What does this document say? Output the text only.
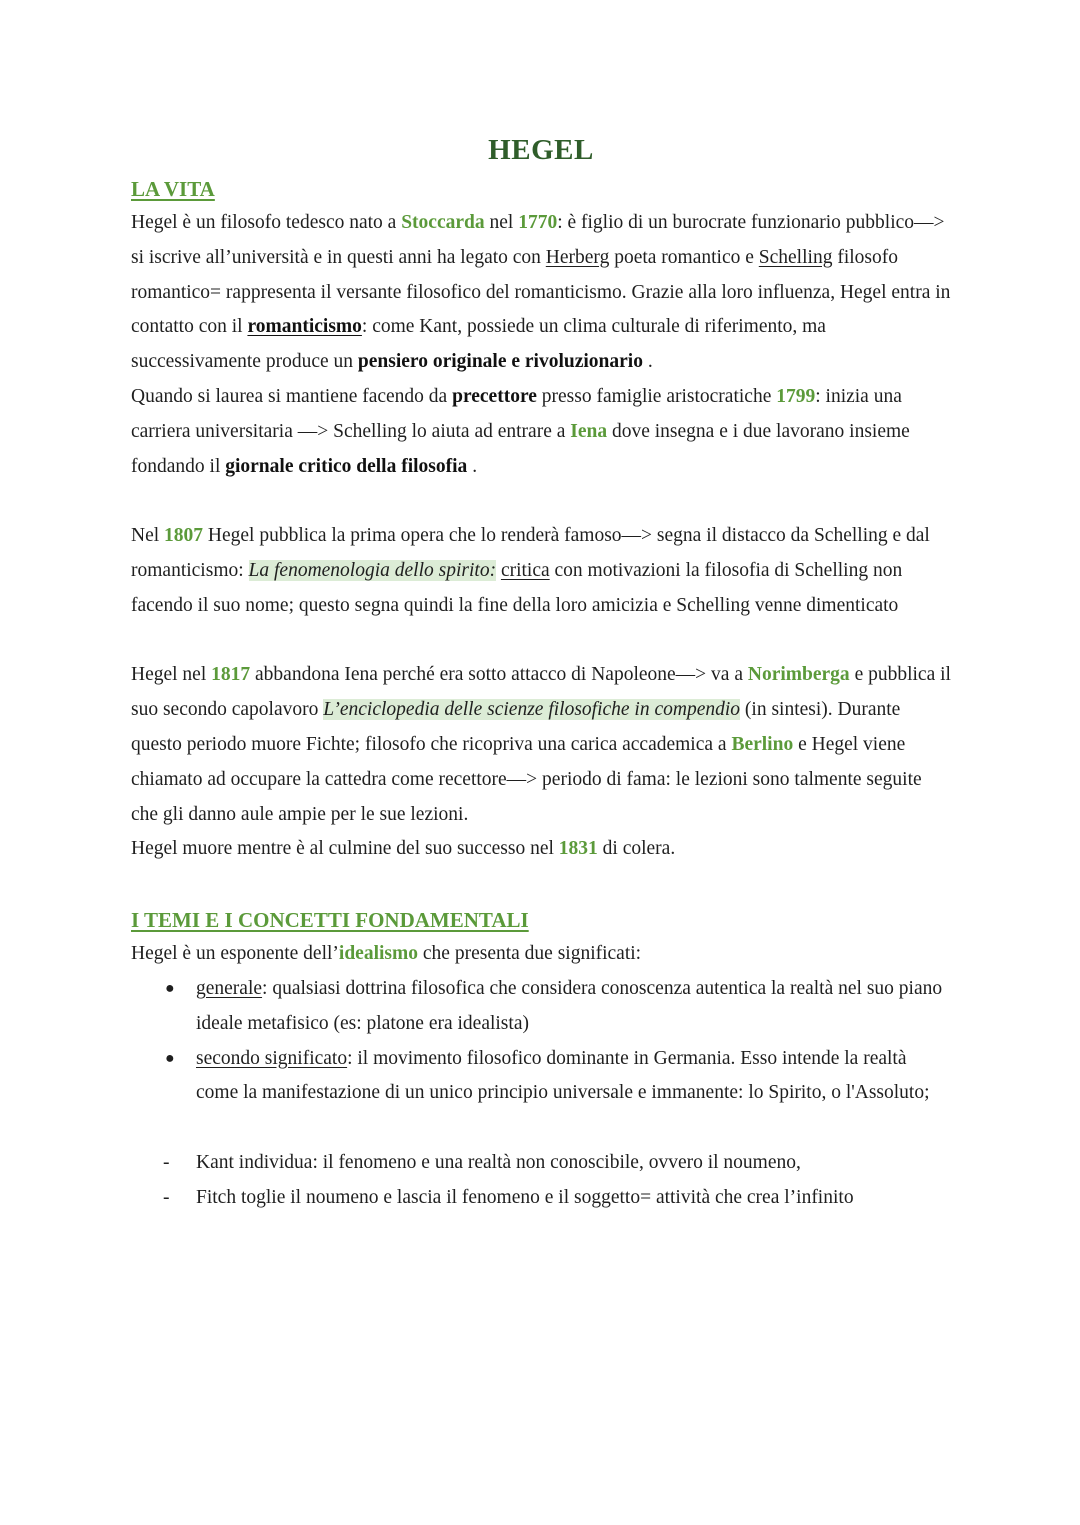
HEGEL
LA VITA

Hegel è un filosofo tedesco nato a Stoccarda nel 1770: è figlio di un burocrate funzionario pubblico—> si iscrive all’università e in questi anni ha legato con Herberg poeta romantico e Schelling filosofo romantico= rappresenta il versante filosofico del romanticismo. Grazie alla loro influenza, Hegel entra in contatto con il romanticismo: come Kant, possiede un clima culturale di riferimento, ma successivamente produce un pensiero originale e rivoluzionario .

Quando si laurea si mantiene facendo da precettore presso famiglie aristocratiche 1799: inizia una carriera universitaria —> Schelling lo aiuta ad entrare a Iena dove insegna e i due lavorano insieme fondando il giornale critico della filosofia .

Nel 1807 Hegel pubblica la prima opera che lo renderà famoso—> segna il distacco da Schelling e dal romanticismo: La fenomenologia dello spirito: critica con motivazioni la filosofia di Schelling non facendo il suo nome; questo segna quindi la fine della loro amicizia e Schelling venne dimenticato

Hegel nel 1817 abbandona Iena perché era sotto attacco di Napoleone—> va a Norimberga e pubblica il suo secondo capolavoro L’enciclopedia delle scienze filosofiche in compendio (in sintesi). Durante questo periodo muore Fichte; filosofo che ricopriva una carica accademica a Berlino e Hegel viene chiamato ad occupare la cattedra come recettore—> periodo di fama: le lezioni sono talmente seguite che gli danno aule ampie per le sue lezioni.

Hegel muore mentre è al culmine del suo successo nel 1831 di colera.

I TEMI E I CONCETTI FONDAMENTALI

Hegel è un esponente dell’idealismo che presenta due significati:

● generale: qualsiasi dottrina filosofica che considera conoscenza autentica la realtà nel suo piano ideale metafisico (es: platone era idealista)
● secondo significato: il movimento filosofico dominante in Germania. Esso intende la realtà come la manifestazione di un unico principio universale e immanente: lo Spirito, o l'Assoluto;
- Kant individua: il fenomeno e una realtà non conoscibile, ovvero il noumeno,
- Fitch toglie il noumeno e lascia il fenomeno e il soggetto= attività che crea l’infinito
